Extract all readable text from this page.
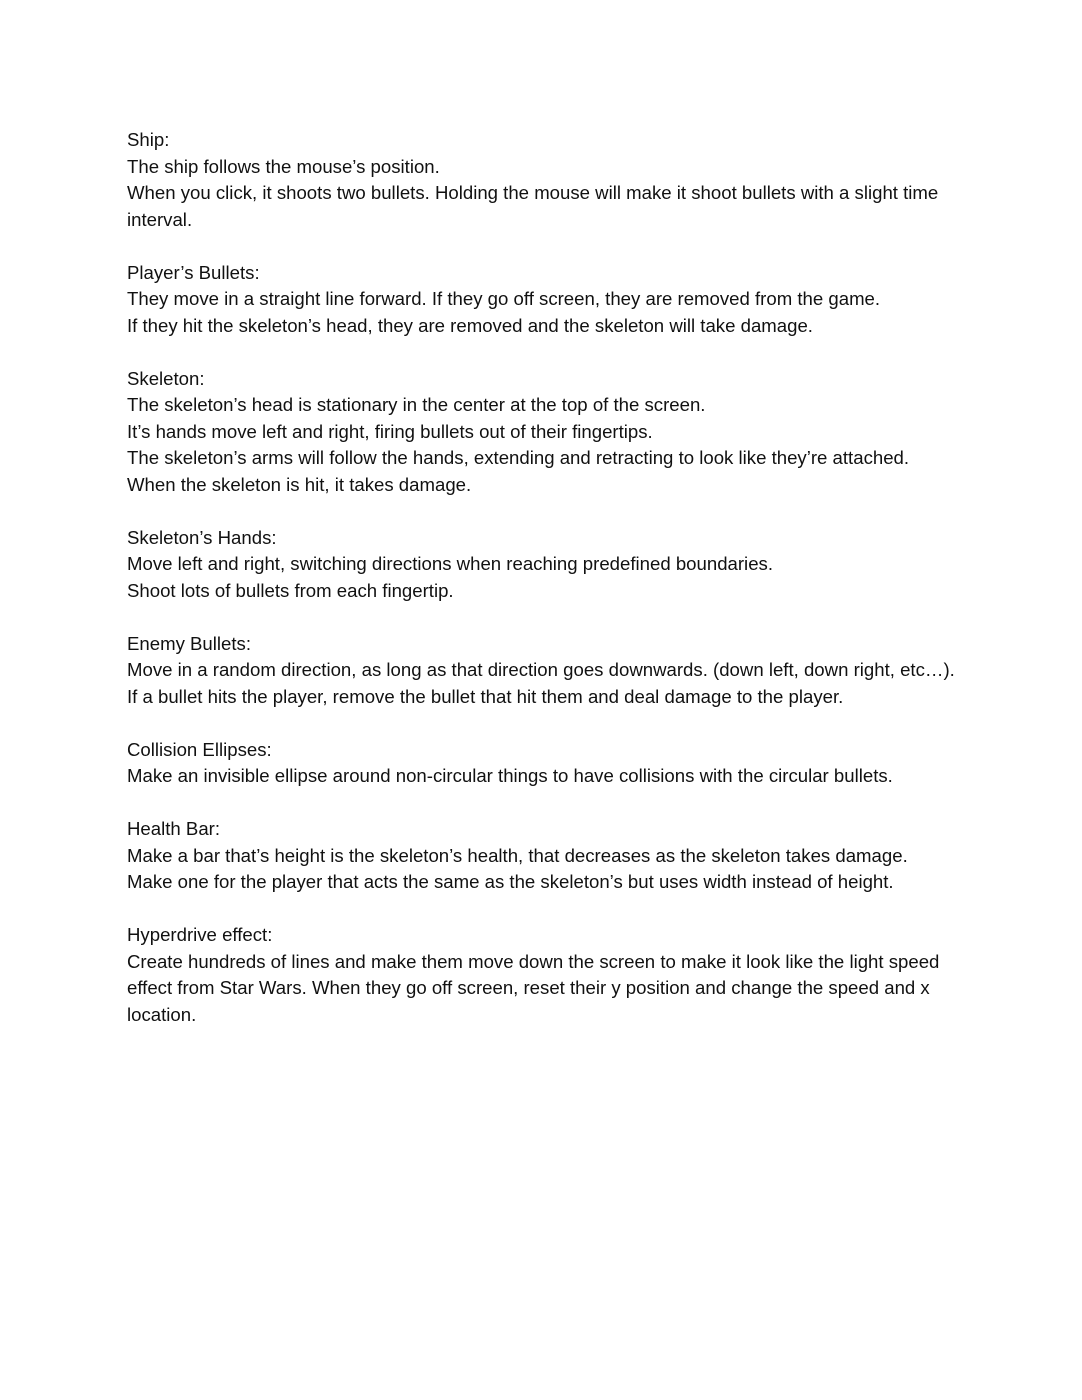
Ship:

The ship follows the mouse’s position.

When you click, it shoots two bullets. Holding the mouse will make it shoot bullets with a slight time interval.

Player’s Bullets:

They move in a straight line forward. If they go off screen, they are removed from the game.

If they hit the skeleton’s head, they are removed and the skeleton will take damage.

Skeleton:

The skeleton’s head is stationary in the center at the top of the screen.

It’s hands move left and right, firing bullets out of their fingertips.

The skeleton’s arms will follow the hands, extending and retracting to look like they’re attached.

When the skeleton is hit, it takes damage.

Skeleton’s Hands:

Move left and right, switching directions when reaching predefined boundaries.

Shoot lots of bullets from each fingertip.

Enemy Bullets:

Move in a random direction, as long as that direction goes downwards. (down left, down right, etc…).

If a bullet hits the player, remove the bullet that hit them and deal damage to the player.

Collision Ellipses:

Make an invisible ellipse around non-circular things to have collisions with the circular bullets.

Health Bar:

Make a bar that’s height is the skeleton’s health, that decreases as the skeleton takes damage.

Make one for the player that acts the same as the skeleton’s but uses width instead of height.

Hyperdrive effect:

Create hundreds of lines and make them move down the screen to make it look like the light speed effect from Star Wars. When they go off screen, reset their y position and change the speed and x location.
